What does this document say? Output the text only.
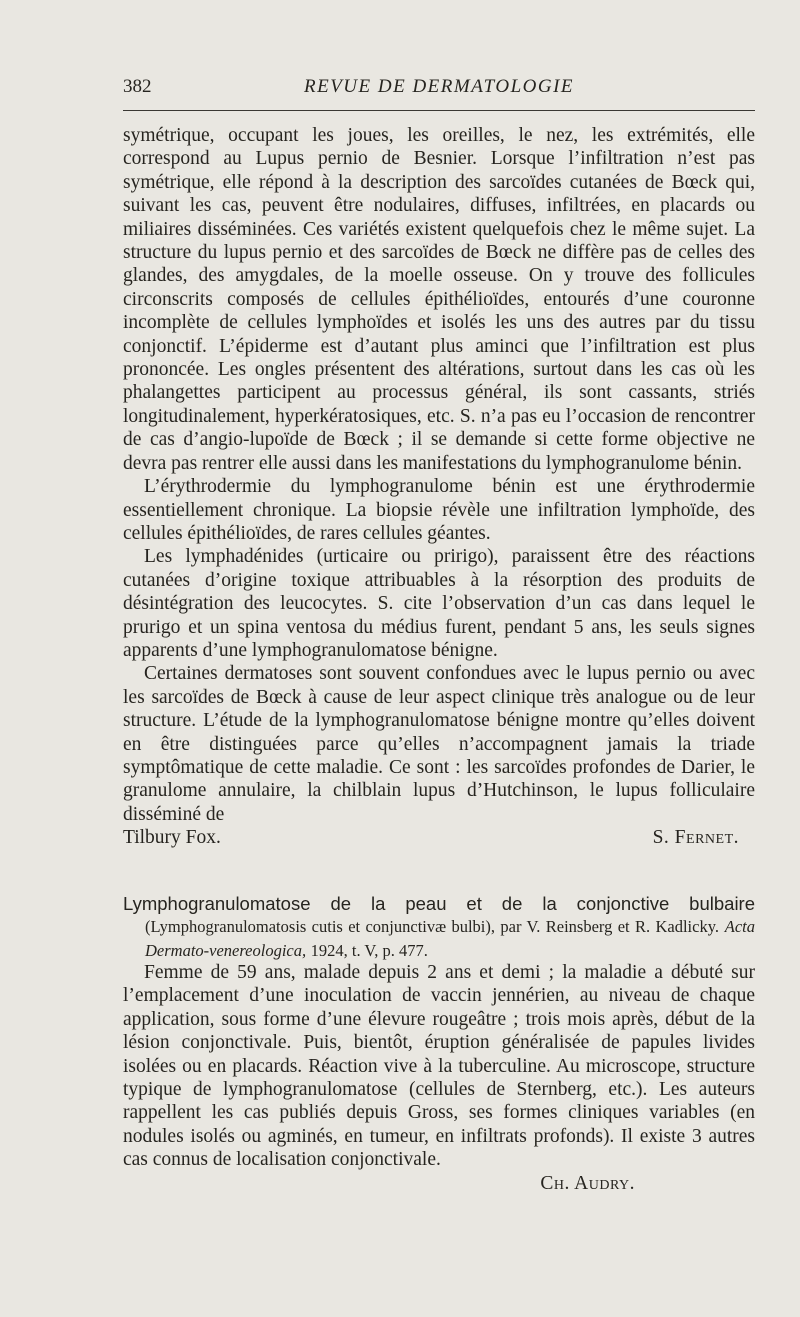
382	REVUE DE DERMATOLOGIE

symétrique, occupant les joues, les oreilles, le nez, les extrémités, elle correspond au Lupus pernio de Besnier. Lorsque l’infiltration n’est pas symétrique, elle répond à la description des sarcoïdes cutanées de Bœck qui, suivant les cas, peuvent être nodulaires, diffuses, infiltrées, en placards ou miliaires disséminées. Ces variétés existent quelquefois chez le même sujet. La structure du lupus pernio et des sarcoïdes de Bœck ne diffère pas de celles des glandes, des amygdales, de la moelle osseuse. On y trouve des follicules circonscrits composés de cellules épithélioïdes, entourés d’une couronne incomplète de cellules lymphoïdes et isolés les uns des autres par du tissu conjonctif. L’épiderme est d’autant plus aminci que l’infiltration est plus prononcée. Les ongles présentent des altérations, surtout dans les cas où les phalangettes participent au processus général, ils sont cassants, striés longitudinalement, hyperkératosiques, etc. S. n’a pas eu l’occasion de rencontrer de cas d’angio-lupoïde de Bœck ; il se demande si cette forme objective ne devra pas rentrer elle aussi dans les manifestations du lymphogranulome bénin.

L’érythrodermie du lymphogranulome bénin est une érythrodermie essentiellement chronique. La biopsie révèle une infiltration lymphoïde, des cellules épithélioïdes, de rares cellules géantes.

Les lymphadénides (urticaire ou pririgo), paraissent être des réactions cutanées d’origine toxique attribuables à la résorption des produits de désintégration des leucocytes. S. cite l’observation d’un cas dans lequel le prurigo et un spina ventosa du médius furent, pendant 5 ans, les seuls signes apparents d’une lymphogranulomatose bénigne.

Certaines dermatoses sont souvent confondues avec le lupus pernio ou avec les sarcoïdes de Bœck à cause de leur aspect clinique très analogue ou de leur structure. L’étude de la lymphogranulomatose bénigne montre qu’elles doivent en être distinguées parce qu’elles n’accompagnent jamais la triade symptômatique de cette maladie. Ce sont : les sarcoïdes profondes de Darier, le granulome annulaire, la chilblain lupus d’Hutchinson, le lupus folliculaire disséminé de

Tilbury Fox.	S. Fernet.
Lymphogranulomatose de la peau et de la conjonctive bulbaire (Lymphogranulomatosis cutis et conjunctivæ bulbi), par V. Reinsberg et R. Kadlicky. Acta Dermato-venereologica, 1924, t. V, p. 477.

Femme de 59 ans, malade depuis 2 ans et demi ; la maladie a débuté sur l’emplacement d’une inoculation de vaccin jennérien, au niveau de chaque application, sous forme d’une élevure rougeâtre ; trois mois après, début de la lésion conjonctivale. Puis, bientôt, éruption généralisée de papules livides isolées ou en placards. Réaction vive à la tuberculine. Au microscope, structure typique de lymphogranulomatose (cellules de Sternberg, etc.). Les auteurs rappellent les cas publiés depuis Gross, ses formes cliniques variables (en nodules isolés ou agminés, en tumeur, en infiltrats profonds). Il existe 3 autres cas connus de localisation conjonctivale.

Ch. Audry.
